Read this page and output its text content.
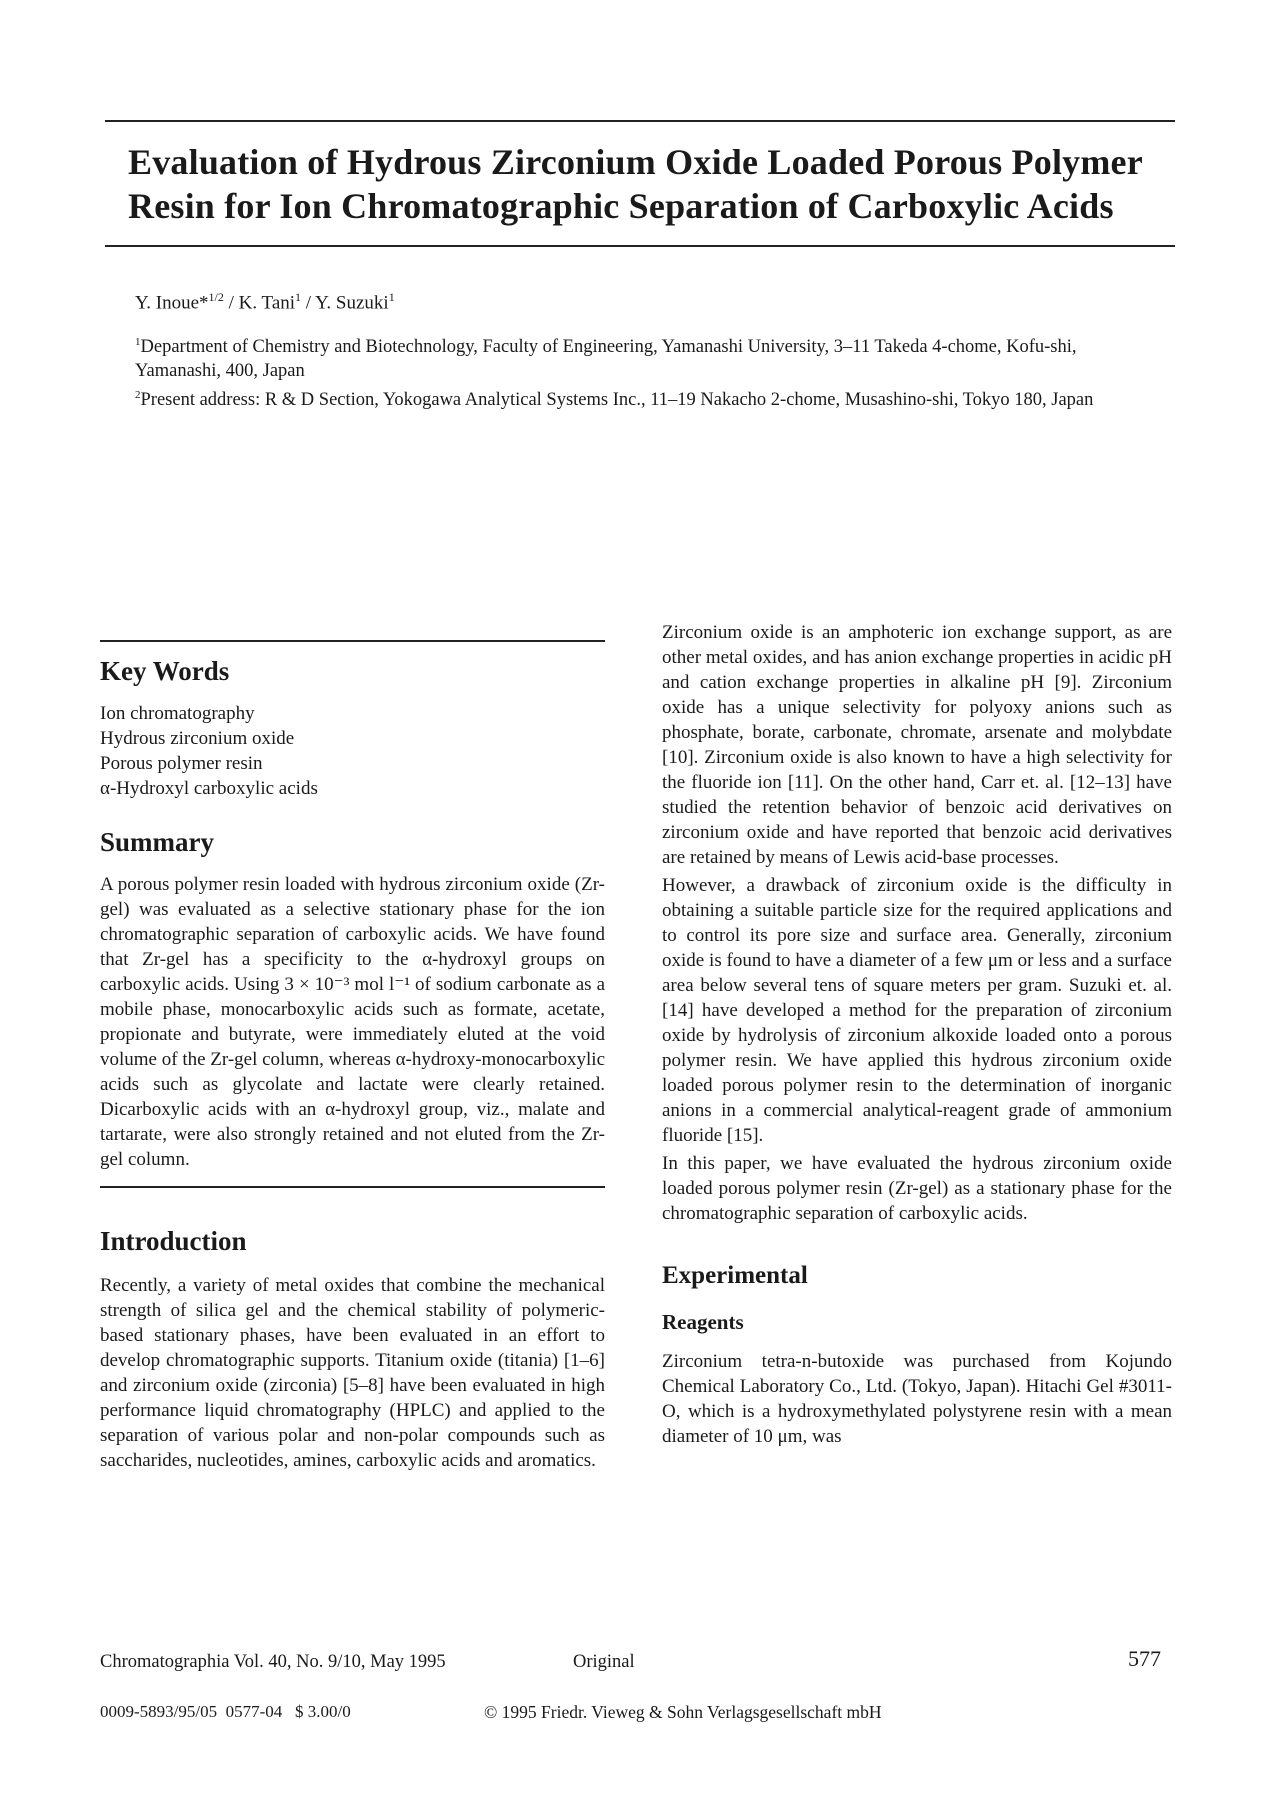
Evaluation of Hydrous Zirconium Oxide Loaded Porous Polymer
Resin for Ion Chromatographic Separation of Carboxylic Acids
Y. Inoue*$^{1/2}$ / K. Tani$^1$ / Y. Suzuki$^1$

$^1$Department of Chemistry and Biotechnology, Faculty of Engineering, Yamanashi University, 3–11 Takeda 4-chome, Kofu-shi, Yamanashi, 400, Japan

$^2$Present address: R & D Section, Yokogawa Analytical Systems Inc., 11–19 Nakacho 2-chome, Musashino-shi, Tokyo 180, Japan

Key Words
Ion chromatography
Hydrous zirconium oxide
Porous polymer resin
α-Hydroxyl carboxylic acids
Summary

A porous polymer resin loaded with hydrous zirconium oxide (Zr-gel) was evaluated as a selective stationary phase for the ion chromatographic separation of carboxylic acids. We have found that Zr-gel has a specificity to the α-hydroxyl groups on carboxylic acids. Using 3 × 10⁻³ mol l⁻¹ of sodium carbonate as a mobile phase, monocarboxylic acids such as formate, acetate, propionate and butyrate, were immediately eluted at the void volume of the Zr-gel column, whereas α-hydroxy-monocarboxylic acids such as glycolate and lactate were clearly retained. Dicarboxylic acids with an α-hydroxyl group, viz., malate and tartarate, were also strongly retained and not eluted from the Zr-gel column.

Introduction

Recently, a variety of metal oxides that combine the mechanical strength of silica gel and the chemical stability of polymeric-based stationary phases, have been evaluated in an effort to develop chromatographic supports. Titanium oxide (titania) [1–6] and zirconium oxide (zirconia) [5–8] have been evaluated in high performance liquid chromatography (HPLC) and applied to the separation of various polar and non-polar compounds such as saccharides, nucleotides, amines, carboxylic acids and aromatics.

Zirconium oxide is an amphoteric ion exchange support, as are other metal oxides, and has anion exchange properties in acidic pH and cation exchange properties in alkaline pH [9]. Zirconium oxide has a unique selectivity for polyoxy anions such as phosphate, borate, carbonate, chromate, arsenate and molybdate [10]. Zirconium oxide is also known to have a high selectivity for the fluoride ion [11]. On the other hand, Carr et. al. [12–13] have studied the retention behavior of benzoic acid derivatives on zirconium oxide and have reported that benzoic acid derivatives are retained by means of Lewis acid-base processes.

However, a drawback of zirconium oxide is the difficulty in obtaining a suitable particle size for the required applications and to control its pore size and surface area. Generally, zirconium oxide is found to have a diameter of a few μm or less and a surface area below several tens of square meters per gram. Suzuki et. al. [14] have developed a method for the preparation of zirconium oxide by hydrolysis of zirconium alkoxide loaded onto a porous polymer resin. We have applied this hydrous zirconium oxide loaded porous polymer resin to the determination of inorganic anions in a commercial analytical-reagent grade of ammonium fluoride [15].

In this paper, we have evaluated the hydrous zirconium oxide loaded porous polymer resin (Zr-gel) as a stationary phase for the chromatographic separation of carboxylic acids.

Experimental
Reagents

Zirconium tetra-n-butoxide was purchased from Kojundo Chemical Laboratory Co., Ltd. (Tokyo, Japan). Hitachi Gel #3011-O, which is a hydroxymethylated polystyrene resin with a mean diameter of 10 μm, was

Chromatographia Vol. 40, No. 9/10, May 1995	Original	577
0009-5893/95/05  0577-04   $ 3.00/0	© 1995 Friedr. Vieweg & Sohn Verlagsgesellschaft mbH
